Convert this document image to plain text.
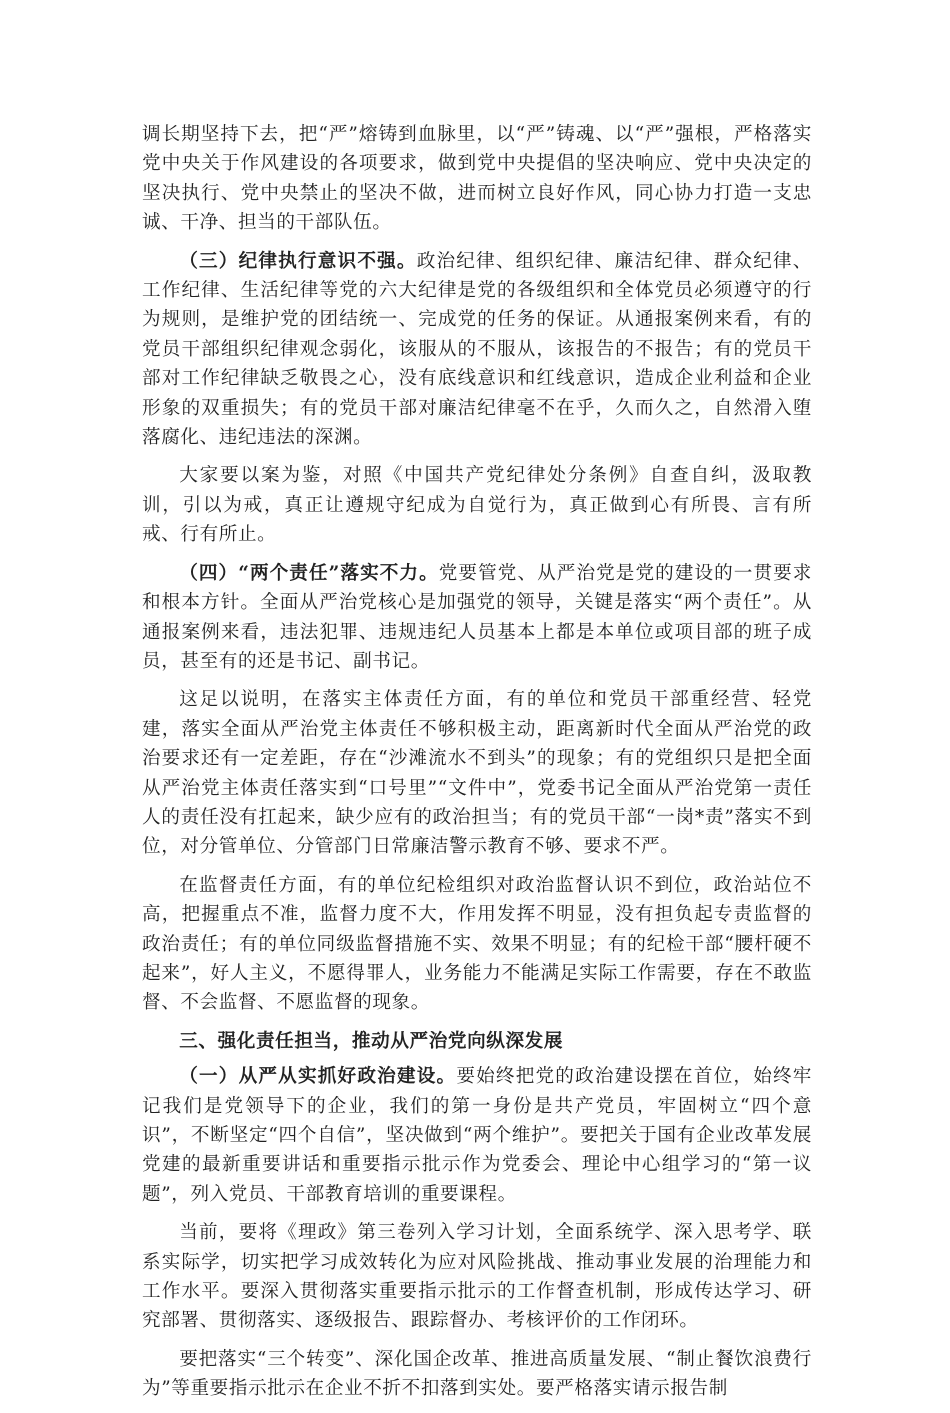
调长期坚持下去，把“严”熔铸到血脉里，以“严”铸魂、以“严”强根，严格落实党中央关于作风建设的各项要求，做到党中央提倡的坚决响应、党中央决定的坚决执行、党中央禁止的坚决不做，进而树立良好作风，同心协力打造一支忠诚、干净、担当的干部队伍。

（三）纪律执行意识不强。政治纪律、组织纪律、廉洁纪律、群众纪律、工作纪律、生活纪律等党的六大纪律是党的各级组织和全体党员必须遵守的行为规则，是维护党的团结统一、完成党的任务的保证。从通报案例来看，有的党员干部组织纪律观念弱化，该服从的不服从，该报告的不报告；有的党员干部对工作纪律缺乏敬畏之心，没有底线意识和红线意识，造成企业利益和企业形象的双重损失；有的党员干部对廉洁纪律毫不在乎，久而久之，自然滑入堕落腐化、违纪违法的深渊。

大家要以案为鉴，对照《中国共产党纪律处分条例》自查自纠，汲取教训，引以为戒，真正让遵规守纪成为自觉行为，真正做到心有所畏、言有所戒、行有所止。

（四）“两个责任”落实不力。党要管党、从严治党是党的建设的一贯要求和根本方针。全面从严治党核心是加强党的领导，关键是落实“两个责任”。从通报案例来看，违法犯罪、违规违纪人员基本上都是本单位或项目部的班子成员，甚至有的还是书记、副书记。

这足以说明，在落实主体责任方面，有的单位和党员干部重经营、轻党建，落实全面从严治党主体责任不够积极主动，距离新时代全面从严治党的政治要求还有一定差距，存在“沙滩流水不到头”的现象；有的党组织只是把全面从严治党主体责任落实到“口号里”“文件中”，党委书记全面从严治党第一责任人的责任没有扛起来，缺少应有的政治担当；有的党员干部“一岗*责”落实不到位，对分管单位、分管部门日常廉洁警示教育不够、要求不严。

在监督责任方面，有的单位纪检组织对政治监督认识不到位，政治站位不高，把握重点不准，监督力度不大，作用发挥不明显，没有担负起专责监督的政治责任；有的单位同级监督措施不实、效果不明显；有的纪检干部“腰杆硬不起来”，好人主义，不愿得罪人，业务能力不能满足实际工作需要，存在不敢监督、不会监督、不愿监督的现象。

三、强化责任担当，推动从严治党向纵深发展

（一）从严从实抓好政治建设。要始终把党的政治建设摆在首位，始终牢记我们是党领导下的企业，我们的第一身份是共产党员，牢固树立“四个意识”，不断坚定“四个自信”，坚决做到“两个维护”。要把关于国有企业改革发展党建的最新重要讲话和重要指示批示作为党委会、理论中心组学习的“第一议题”，列入党员、干部教育培训的重要课程。

当前，要将《理政》第三卷列入学习计划，全面系统学、深入思考学、联系实际学，切实把学习成效转化为应对风险挑战、推动事业发展的治理能力和工作水平。要深入贯彻落实重要指示批示的工作督查机制，形成传达学习、研究部署、贯彻落实、逐级报告、跟踪督办、考核评价的工作闭环。

要把落实“三个转变”、深化国企改革、推进高质量发展、“制止餐饮浪费行为”等重要指示批示在企业不折不扣落到实处。要严格落实请示报告制
